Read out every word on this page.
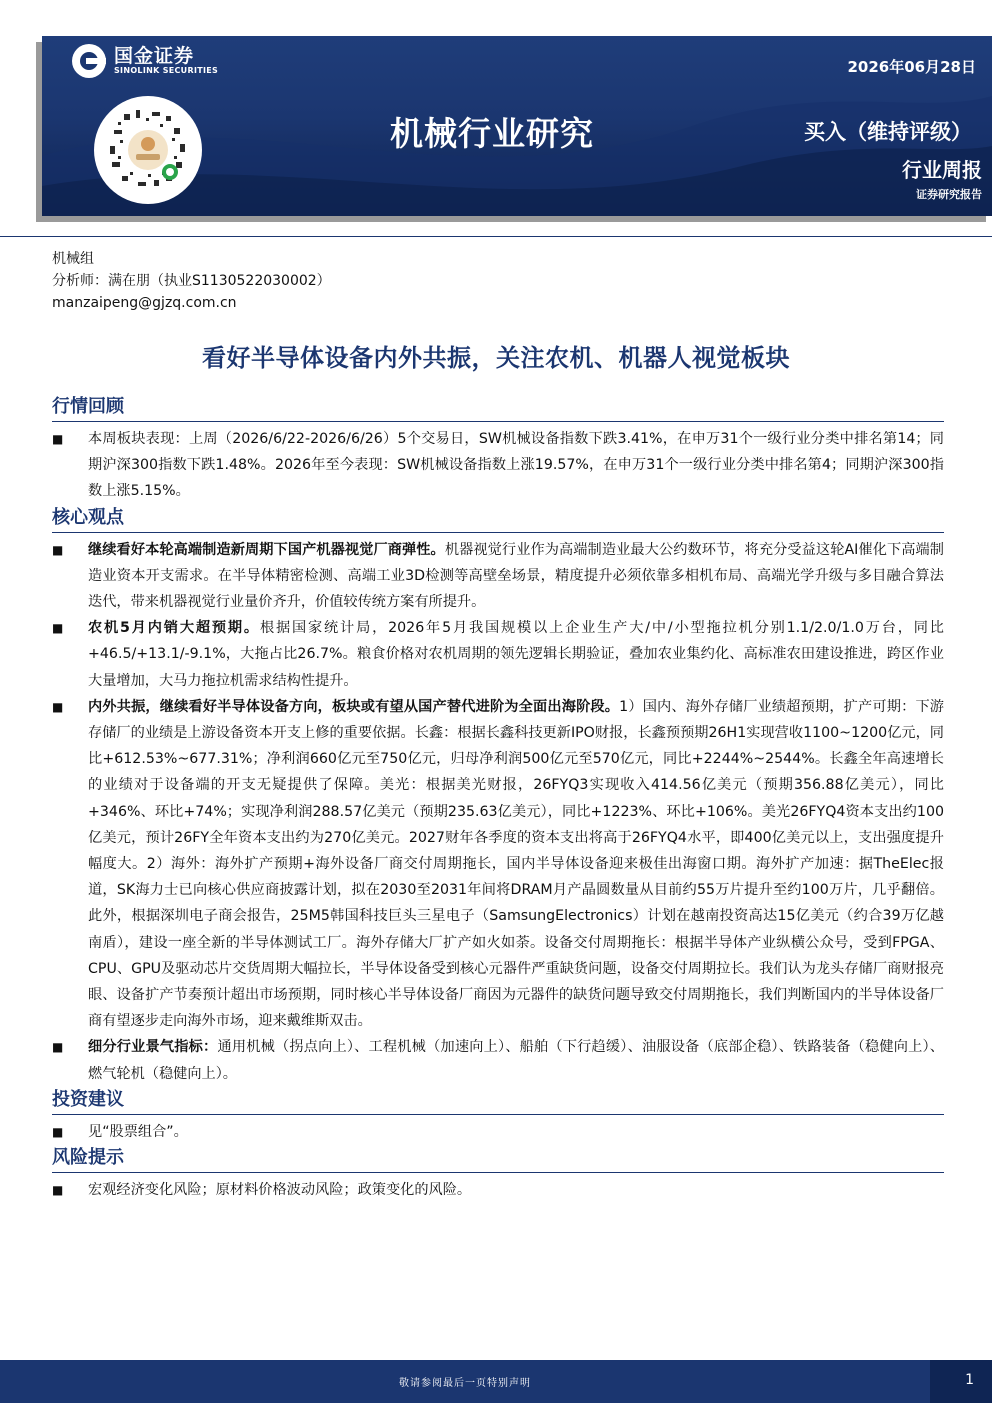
国金证券
SINOLINK SECURITIES	2026年06月28日
机械行业研究	买入（维持评级）
行业周报
证券研究报告
机械组
分析师：满在朋（执业S1130522030002）
manzaipeng@gjzq.com.cn
看好半导体设备内外共振，关注农机、机器人视觉板块
行情回顾
■	本周板块表现：上周（2026/6/22-2026/6/26）5个交易日，SW机械设备指数下跌3.41%，在申万31个一级行业分类中排名第14；同期沪深300指数下跌1.48%。2026年至今表现：SW机械设备指数上涨19.57%，在申万31个一级行业分类中排名第4；同期沪深300指数上涨5.15%。
核心观点
■	继续看好本轮高端制造新周期下国产机器视觉厂商弹性。机器视觉行业作为高端制造业最大公约数环节，将充分受益这轮AI催化下高端制造业资本开支需求。在半导体精密检测、高端工业3D检测等高壁垒场景，精度提升必须依靠多相机布局、高端光学升级与多目融合算法迭代，带来机器视觉行业量价齐升，价值较传统方案有所提升。
■	农机5月内销大超预期。根据国家统计局，2026年5月我国规模以上企业生产大/中/小型拖拉机分别1.1/2.0/1.0万台，同比+46.5/+13.1/-9.1%，大拖占比26.7%。粮食价格对农机周期的领先逻辑长期验证，叠加农业集约化、高标准农田建设推进，跨区作业大量增加，大马力拖拉机需求结构性提升。
■	内外共振，继续看好半导体设备方向，板块或有望从国产替代进阶为全面出海阶段。1）国内、海外存储厂业绩超预期，扩产可期：下游存储厂的业绩是上游设备资本开支上修的重要依据。长鑫：根据长鑫科技更新IPO财报，长鑫预预期26H1实现营收1100~1200亿元，同比+612.53%~677.31%；净利润660亿元至750亿元，归母净利润500亿元至570亿元，同比+2244%~2544%。长鑫全年高速增长的业绩对于设备端的开支无疑提供了保障。美光：根据美光财报，26FYQ3实现收入414.56亿美元（预期356.88亿美元），同比+346%、环比+74%；实现净利润288.57亿美元（预期235.63亿美元），同比+1223%、环比+106%。美光26FYQ4资本支出约100亿美元，预计26FY全年资本支出约为270亿美元。2027财年各季度的资本支出将高于26FYQ4水平，即400亿美元以上，支出强度提升幅度大。2）海外：海外扩产预期+海外设备厂商交付周期拖长，国内半导体设备迎来极佳出海窗口期。海外扩产加速：据TheElec报道，SK海力士已向核心供应商披露计划，拟在2030至2031年间将DRAM月产晶圆数量从目前约55万片提升至约100万片，几乎翻倍。此外，根据深圳电子商会报告，25M5韩国科技巨头三星电子（SamsungElectronics）计划在越南投资高达15亿美元（约合39万亿越南盾），建设一座全新的半导体测试工厂。海外存储大厂扩产如火如荼。设备交付周期拖长：根据半导体产业纵横公众号，受到FPGA、CPU、GPU及驱动芯片交货周期大幅拉长，半导体设备受到核心元器件严重缺货问题，设备交付周期拉长。我们认为龙头存储厂商财报亮眼、设备扩产节奏预计超出市场预期，同时核心半导体设备厂商因为元器件的缺货问题导致交付周期拖长，我们判断国内的半导体设备厂商有望逐步走向海外市场，迎来戴维斯双击。
■	细分行业景气指标：通用机械（拐点向上）、工程机械（加速向上）、船舶（下行趋缓）、油服设备（底部企稳）、铁路装备（稳健向上）、燃气轮机（稳健向上）。
投资建议
■	见“股票组合”。
风险提示
■	宏观经济变化风险；原材料价格波动风险；政策变化的风险。
敬请参阅最后一页特别声明	1
